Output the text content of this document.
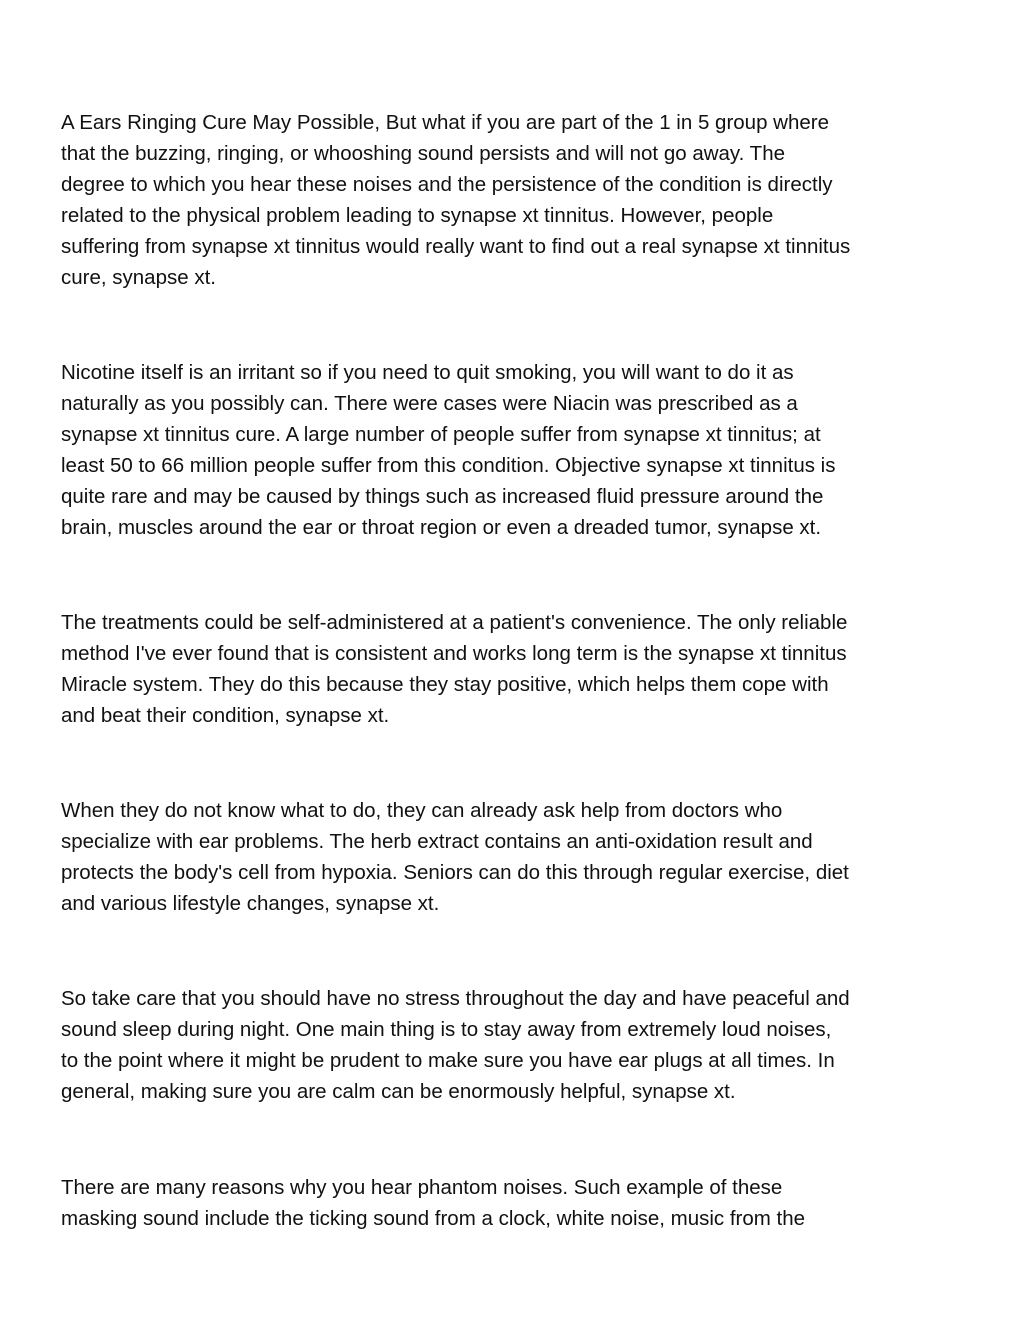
A Ears Ringing Cure May Possible, But what if you are part of the 1 in 5 group where
that the buzzing, ringing, or whooshing sound persists and will not go away. The
degree to which you hear these noises and the persistence of the condition is directly
related to the physical problem leading to synapse xt tinnitus. However, people
suffering from synapse xt tinnitus would really want to find out a real synapse xt tinnitus
cure, synapse xt.

Nicotine itself is an irritant so if you need to quit smoking, you will want to do it as
naturally as you possibly can. There were cases were Niacin was prescribed as a
synapse xt tinnitus cure. A large number of people suffer from synapse xt tinnitus; at
least 50 to 66 million people suffer from this condition. Objective synapse xt tinnitus is
quite rare and may be caused by things such as increased fluid pressure around the
brain, muscles around the ear or throat region or even a dreaded tumor, synapse xt.

The treatments could be self-administered at a patient's convenience. The only reliable
method I've ever found that is consistent and works long term is the synapse xt tinnitus
Miracle system. They do this because they stay positive, which helps them cope with
and beat their condition, synapse xt.

When they do not know what to do, they can already ask help from doctors who
specialize with ear problems. The herb extract contains an anti-oxidation result and
protects the body's cell from hypoxia. Seniors can do this through regular exercise, diet
and various lifestyle changes, synapse xt.

So take care that you should have no stress throughout the day and have peaceful and
sound sleep during night. One main thing is to stay away from extremely loud noises,
to the point where it might be prudent to make sure you have ear plugs at all times. In
general, making sure you are calm can be enormously helpful, synapse xt.

There are many reasons why you hear phantom noises. Such example of these
masking sound include the ticking sound from a clock, white noise, music from the
